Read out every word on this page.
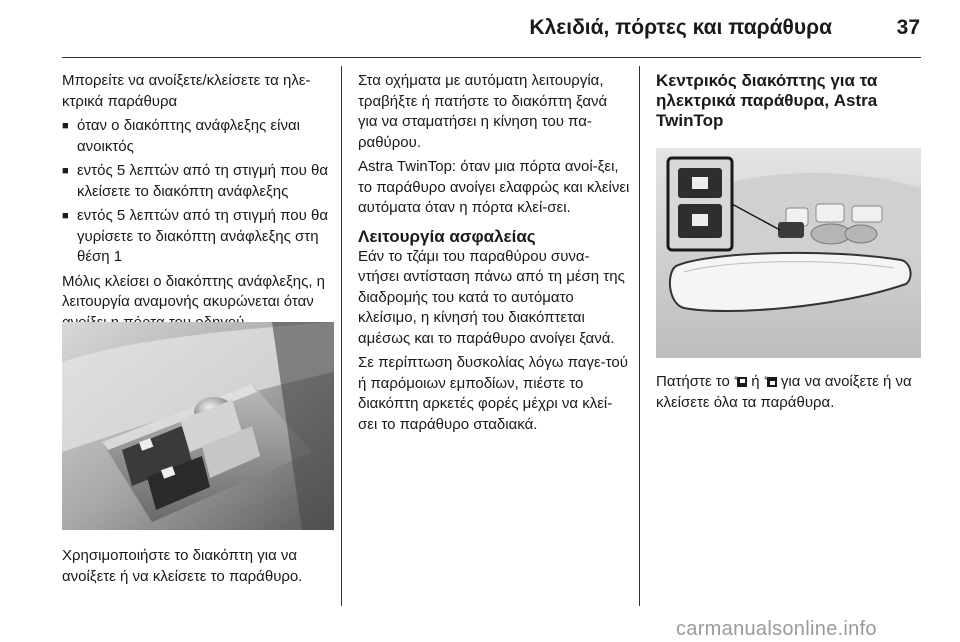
Κλειδιά, πόρτες και παράθυρα	37

Μπορείτε να ανοίξετε/κλείσετε τα ηλε-κτρικά παράθυρα

■ όταν ο διακόπτης ανάφλεξης είναι ανοικτός
■ εντός 5 λεπτών από τη στιγμή που θα κλείσετε το διακόπτη ανάφλεξης
■ εντός 5 λεπτών από τη στιγμή που θα γυρίσετε το διακόπτη ανάφλεξης στη θέση 1

Μόλις κλείσει ο διακόπτης ανάφλεξης, η λειτουργία αναμονής ακυρώνεται όταν

Χρησιμοποιήστε το διακόπτη για να ανοίξετε ή να κλείσετε το παράθυρο.

Στα οχήματα με αυτόματη λειτουργία, τραβήξτε ή πατήστε το διακόπτη ξανά για να σταματήσει η κίνηση του πα-ραθύρου.

Astra TwinTop: όταν μια πόρτα ανοί-ξει, το παράθυρο ανοίγει ελαφρώς και κλείνει αυτόματα όταν η πόρτα κλεί-σει.

Λειτουργία ασφαλείας

Εάν το τζάμι του παραθύρου συνα-ντήσει αντίσταση πάνω από τη μέση της διαδρομής του κατά το αυτόματο κλείσιμο, η κίνησή του διακόπτεται αμέσως και το παράθυρο ανοίγει ξανά.

Σε περίπτωση δυσκολίας λόγω παγε-τού ή παρόμοιων εμποδίων, πιέστε το διακόπτη αρκετές φορές μέχρι να κλεί-σει το παράθυρο σταδιακά.

Κεντρικός διακόπτης για τα ηλεκτρικά παράθυρα, Astra TwinTop

Πατήστε το 4 ή 4 για να ανοίξετε ή να κλείσετε όλα τα παράθυρα.

carmanualsonline.info
